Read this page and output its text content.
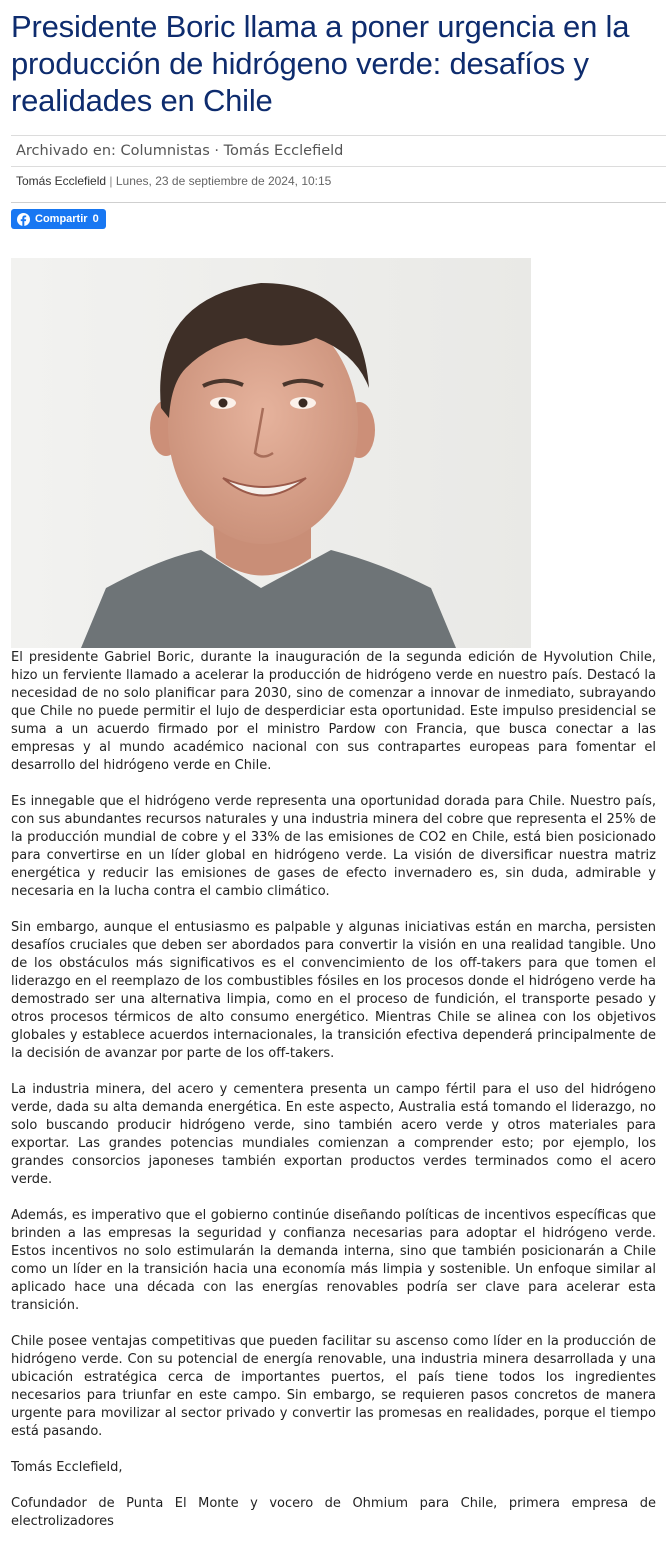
Presidente Boric llama a poner urgencia en la producción de hidrógeno verde: desafíos y realidades en Chile
Archivado en: Columnistas · Tomás Ecclefield
Tomás Ecclefield | Lunes, 23 de septiembre de 2024, 10:15
Compartir 0

El presidente Gabriel Boric, durante la inauguración de la segunda edición de Hyvolution Chile, hizo un ferviente llamado a acelerar la producción de hidrógeno verde en nuestro país. Destacó la necesidad de no solo planificar para 2030, sino de comenzar a innovar de inmediato, subrayando que Chile no puede permitir el lujo de desperdiciar esta oportunidad. Este impulso presidencial se suma a un acuerdo firmado por el ministro Pardow con Francia, que busca conectar a las empresas y al mundo académico nacional con sus contrapartes europeas para fomentar el desarrollo del hidrógeno verde en Chile.

Es innegable que el hidrógeno verde representa una oportunidad dorada para Chile. Nuestro país, con sus abundantes recursos naturales y una industria minera del cobre que representa el 25% de la producción mundial de cobre y el 33% de las emisiones de CO2 en Chile, está bien posicionado para convertirse en un líder global en hidrógeno verde. La visión de diversificar nuestra matriz energética y reducir las emisiones de gases de efecto invernadero es, sin duda, admirable y necesaria en la lucha contra el cambio climático.

Sin embargo, aunque el entusiasmo es palpable y algunas iniciativas están en marcha, persisten desafíos cruciales que deben ser abordados para convertir la visión en una realidad tangible. Uno de los obstáculos más significativos es el convencimiento de los off-takers para que tomen el liderazgo en el reemplazo de los combustibles fósiles en los procesos donde el hidrógeno verde ha demostrado ser una alternativa limpia, como en el proceso de fundición, el transporte pesado y otros procesos térmicos de alto consumo energético. Mientras Chile se alinea con los objetivos globales y establece acuerdos internacionales, la transición efectiva dependerá principalmente de la decisión de avanzar por parte de los off-takers.

La industria minera, del acero y cementera presenta un campo fértil para el uso del hidrógeno verde, dada su alta demanda energética. En este aspecto, Australia está tomando el liderazgo, no solo buscando producir hidrógeno verde, sino también acero verde y otros materiales para exportar. Las grandes potencias mundiales comienzan a comprender esto; por ejemplo, los grandes consorcios japoneses también exportan productos verdes terminados como el acero verde.

Además, es imperativo que el gobierno continúe diseñando políticas de incentivos específicas que brinden a las empresas la seguridad y confianza necesarias para adoptar el hidrógeno verde. Estos incentivos no solo estimularán la demanda interna, sino que también posicionarán a Chile como un líder en la transición hacia una economía más limpia y sostenible. Un enfoque similar al aplicado hace una década con las energías renovables podría ser clave para acelerar esta transición.

Chile posee ventajas competitivas que pueden facilitar su ascenso como líder en la producción de hidrógeno verde. Con su potencial de energía renovable, una industria minera desarrollada y una ubicación estratégica cerca de importantes puertos, el país tiene todos los ingredientes necesarios para triunfar en este campo. Sin embargo, se requieren pasos concretos de manera urgente para movilizar al sector privado y convertir las promesas en realidades, porque el tiempo está pasando.

Tomás Ecclefield,

Cofundador de Punta El Monte y vocero de Ohmium para Chile, primera empresa de electrolizadores
